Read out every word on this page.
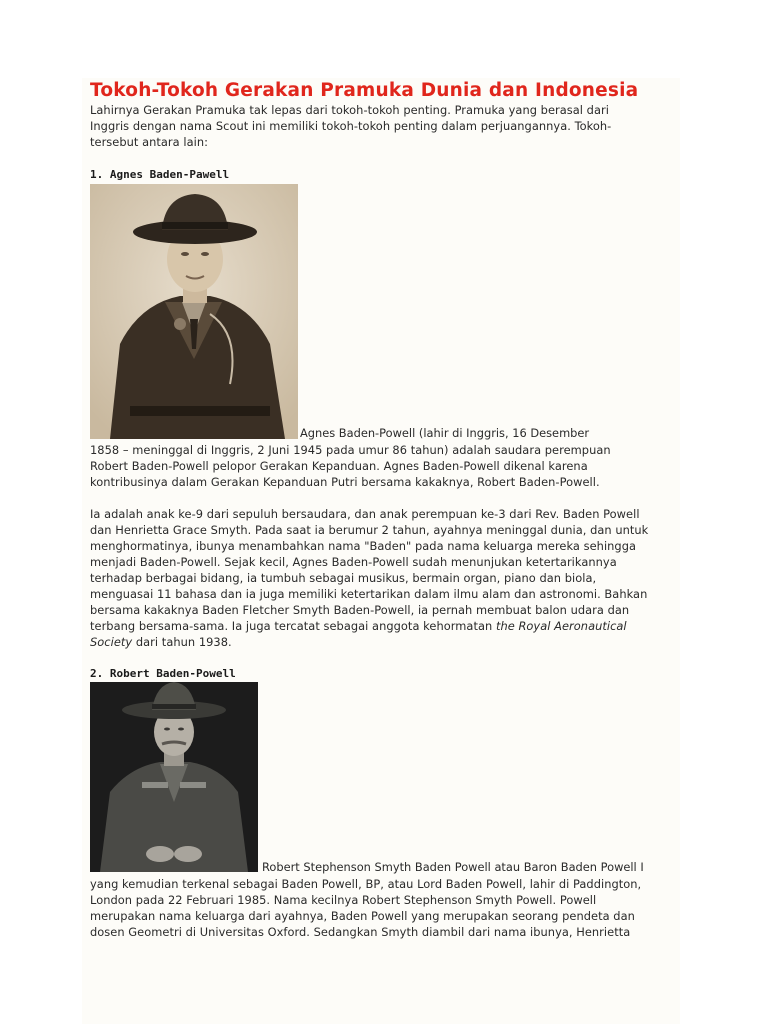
Tokoh-Tokoh Gerakan Pramuka Dunia dan Indonesia
Lahirnya Gerakan Pramuka tak lepas dari tokoh-tokoh penting. Pramuka yang berasal dari
Inggris dengan nama Scout ini memiliki tokoh-tokoh penting dalam perjuangannya. Tokoh-
tersebut antara lain:
1. Agnes Baden-Pawell
Agnes Baden-Powell (lahir di Inggris, 16 Desember
1858 – meninggal di Inggris, 2 Juni 1945 pada umur 86 tahun) adalah saudara perempuan
Robert Baden-Powell pelopor Gerakan Kepanduan. Agnes Baden-Powell dikenal karena
kontribusinya dalam Gerakan Kepanduan Putri bersama kakaknya, Robert Baden-Powell.
Ia adalah anak ke-9 dari sepuluh bersaudara, dan anak perempuan ke-3 dari Rev. Baden Powell
dan Henrietta Grace Smyth. Pada saat ia berumur 2 tahun, ayahnya meninggal dunia, dan untuk
menghormatinya, ibunya menambahkan nama "Baden" pada nama keluarga mereka sehingga
menjadi Baden-Powell. Sejak kecil, Agnes Baden-Powell sudah menunjukan ketertarikannya
terhadap berbagai bidang, ia tumbuh sebagai musikus, bermain organ, piano dan biola,
menguasai 11 bahasa dan ia juga memiliki ketertarikan dalam ilmu alam dan astronomi. Bahkan
bersama kakaknya Baden Fletcher Smyth Baden-Powell, ia pernah membuat balon udara dan
terbang bersama-sama. Ia juga tercatat sebagai anggota kehormatan the Royal Aeronautical
Society dari tahun 1938.
2. Robert Baden-Powell
Robert Stephenson Smyth Baden Powell atau Baron Baden Powell I
yang kemudian terkenal sebagai Baden Powell, BP, atau Lord Baden Powell, lahir di Paddington,
London pada 22 Februari 1985. Nama kecilnya Robert Stephenson Smyth Powell. Powell
merupakan nama keluarga dari ayahnya, Baden Powell yang merupakan seorang pendeta dan
dosen Geometri di Universitas Oxford. Sedangkan Smyth diambil dari nama ibunya, Henrietta
